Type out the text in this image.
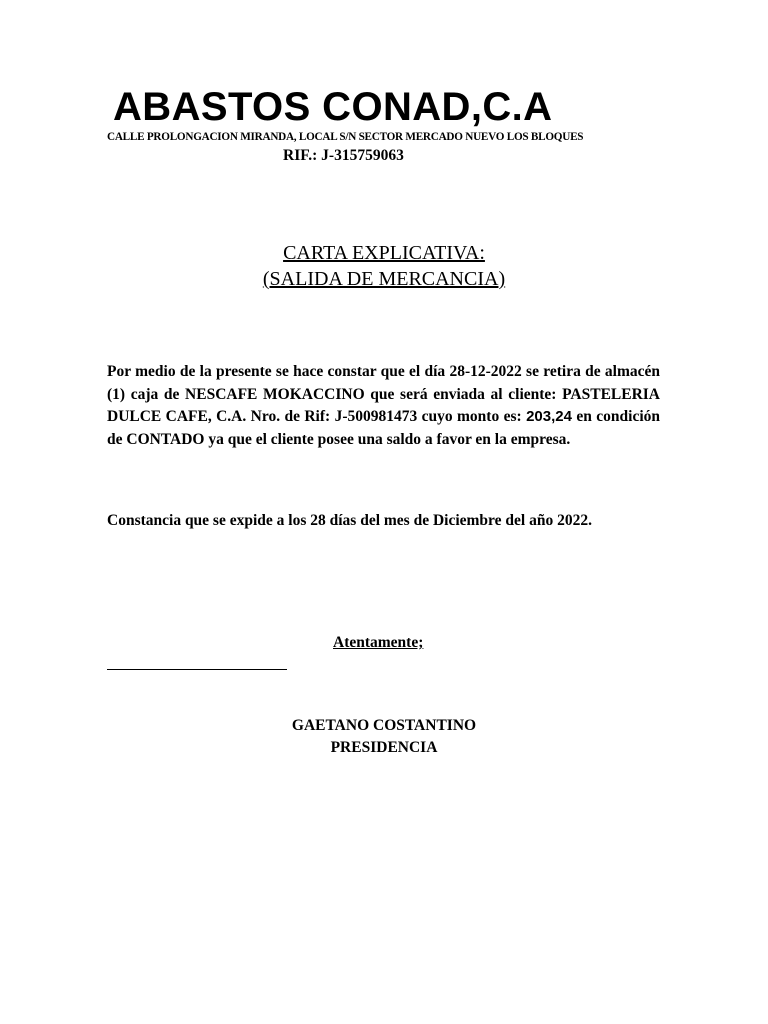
ABASTOS CONAD,C.A
CALLE PROLONGACION MIRANDA, LOCAL S/N SECTOR MERCADO NUEVO LOS BLOQUES
RIF.: J-315759063
CARTA EXPLICATIVA:
(SALIDA DE MERCANCIA)

Por medio de la presente se hace constar que el día 28-12-2022 se retira de almacén (1) caja de NESCAFE MOKACCINO que será enviada al cliente: PASTELERIA DULCE CAFE, C.A. Nro. de Rif: J-500981473 cuyo monto es: 203,24 en condición de CONTADO ya que el cliente posee una saldo a favor en la empresa.

Constancia que se expide a los 28 días del mes de Diciembre del año 2022.

Atentamente;
GAETANO COSTANTINO
PRESIDENCIA
